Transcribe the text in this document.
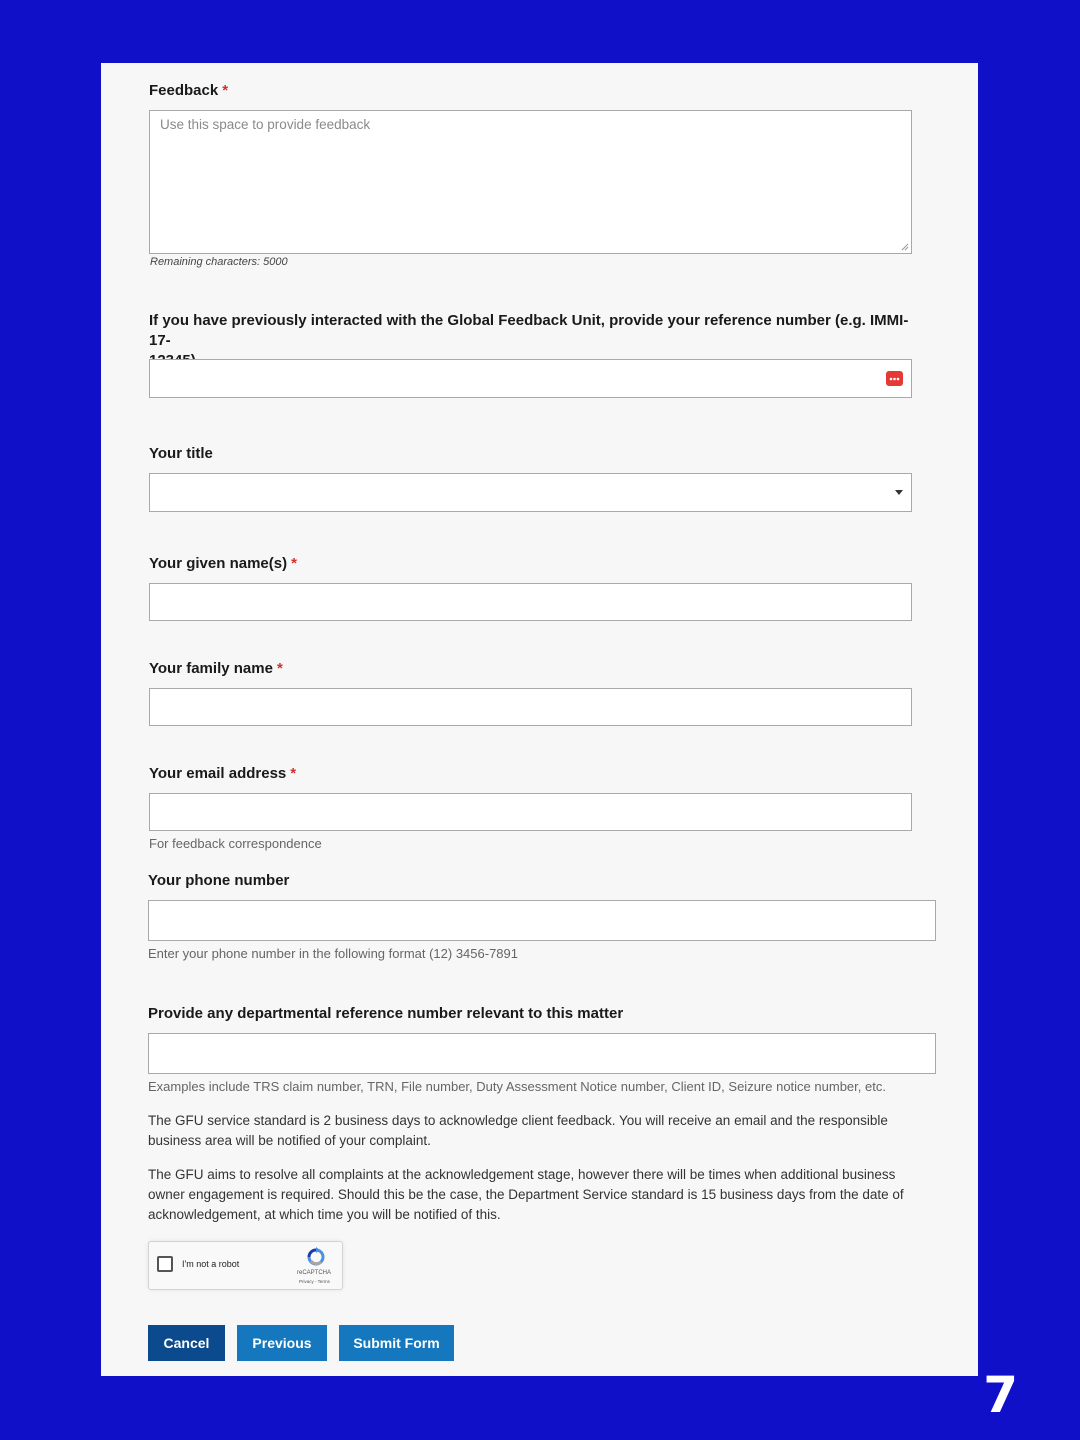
Feedback *
Use this space to provide feedback
Remaining characters: 5000
If you have previously interacted with the Global Feedback Unit, provide your reference number (e.g. IMMI-17-
Your title
Your given name(s) *
Your family name *
Your email address *
For feedback correspondence
Your phone number
Enter your phone number in the following format (12) 3456-7891
Provide any departmental reference number relevant to this matter
Examples include TRS claim number, TRN, File number, Duty Assessment Notice number, Client ID, Seizure notice number, etc.
The GFU service standard is 2 business days to acknowledge client feedback. You will receive an email and the responsible
business area will be notified of your complaint.
The GFU aims to resolve all complaints at the acknowledgement stage, however there will be times when additional business
owner engagement is required. Should this be the case, the Department Service standard is 15 business days from the date of
acknowledgement, at which time you will be notified of this.
I'm not a robot
reCAPTCHA
Privacy - Terms
Cancel	Previous	Submit Form
7
